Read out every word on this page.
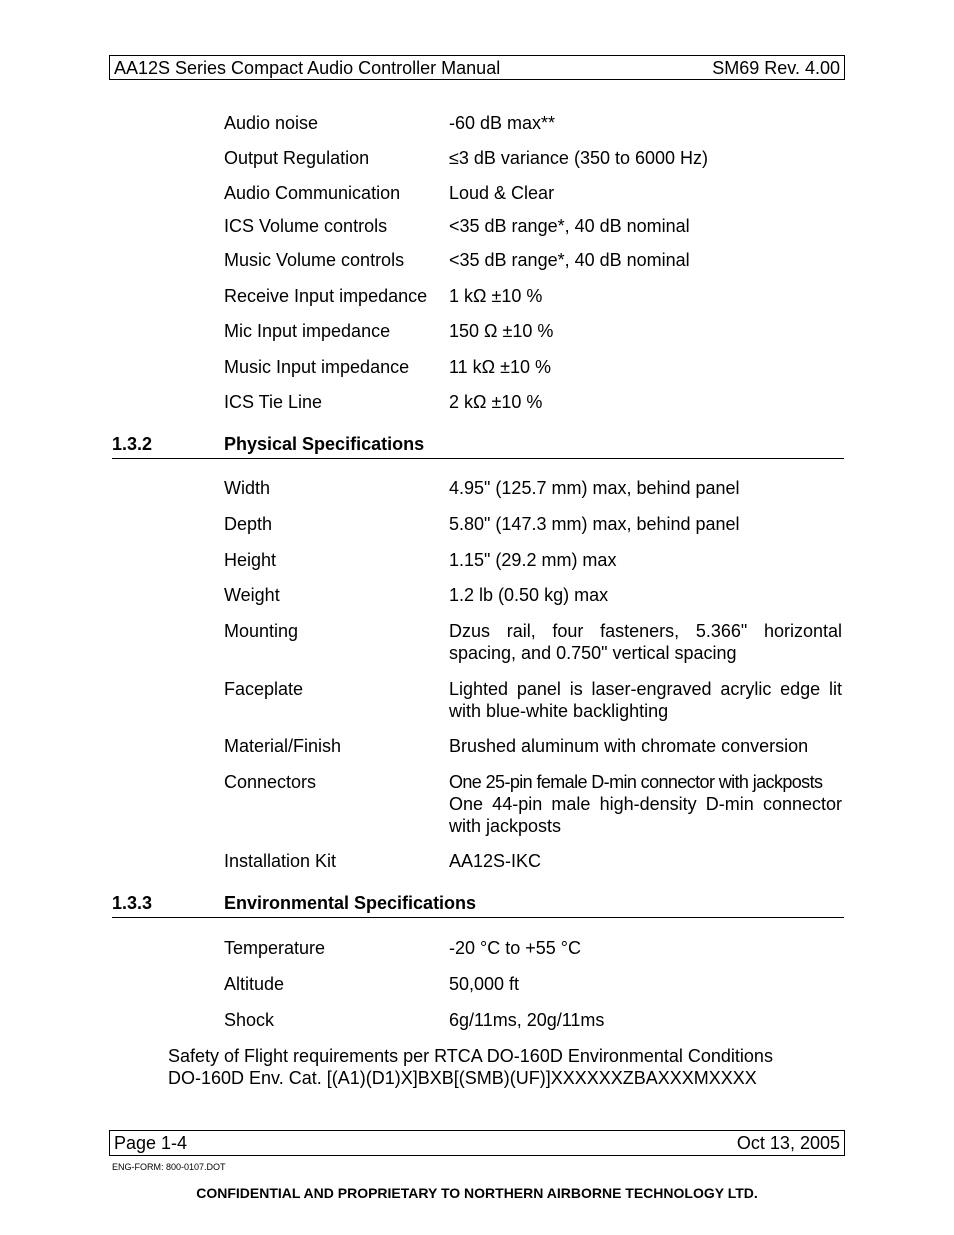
AA12S Series Compact Audio Controller Manual	SM69 Rev. 4.00
Audio noise	-60 dB max**
Output Regulation	≤3 dB variance (350 to 6000 Hz)
Audio Communication	Loud & Clear
ICS Volume controls	<35 dB range*, 40 dB nominal
Music Volume controls <35 dB range*, 40 dB nominal
Receive Input impedance 1 kΩ ±10 %
Mic Input impedance	150 Ω ±10 %
Music Input impedance 11 kΩ ±10 %
ICS Tie Line	2 kΩ ±10 %
1.3.2	Physical Specifications
Width	4.95" (125.7 mm) max, behind panel
Depth	5.80" (147.3 mm) max, behind panel
Height	1.15" (29.2 mm) max
Weight	1.2 lb (0.50 kg) max
Mounting	Dzus rail, four fasteners, 5.366" horizontal spacing, and 0.750" vertical spacing
Faceplate	Lighted panel is laser-engraved acrylic edge lit with blue-white backlighting
Material/Finish	Brushed aluminum with chromate conversion
Connectors	One 25-pin female D-min connector with jackposts
One 44-pin male high-density D-min connector
with jackposts
Installation Kit	AA12S-IKC
1.3.3	Environmental Specifications
Temperature	-20 °C to +55 °C
Altitude	50,000 ft
Shock	6g/11ms, 20g/11ms
Safety of Flight requirements per RTCA DO-160D Environmental Conditions
DO-160D Env. Cat. [(A1)(D1)X]BXB[(SMB)(UF)]XXXXXXZBAXXXMXXXX
Page 1-4	Oct 13, 2005
ENG-FORM: 800-0107.DOT
CONFIDENTIAL AND PROPRIETARY TO NORTHERN AIRBORNE TECHNOLOGY LTD.
